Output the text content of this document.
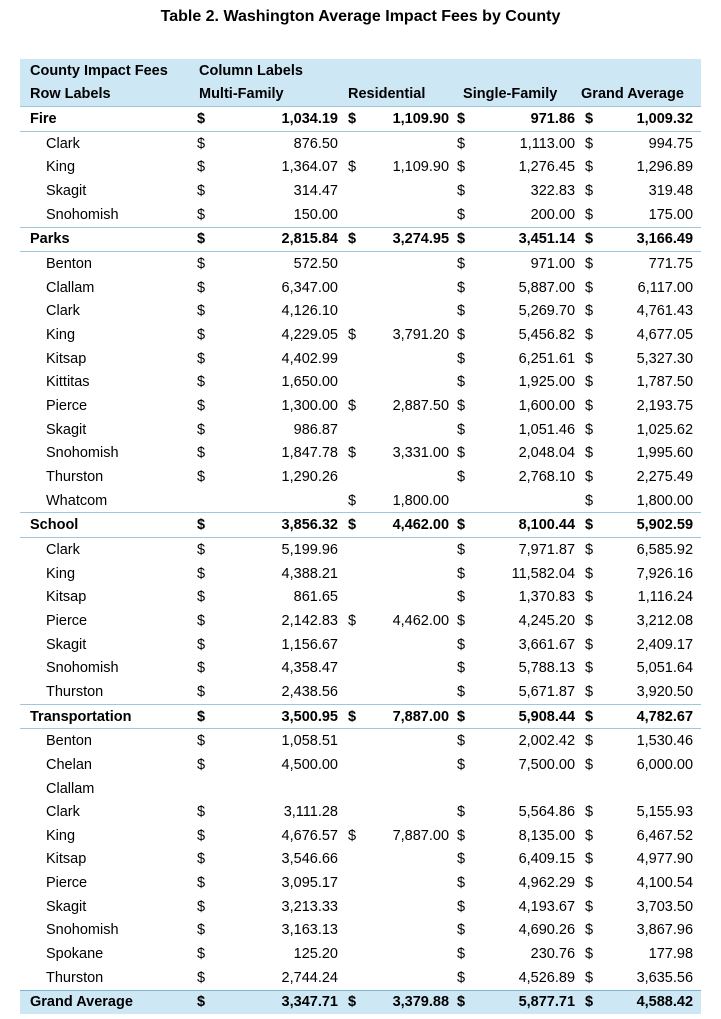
Table 2. Washington Average Impact Fees by County
County Impact Fees	Column Labels							
Row Labels	Multi-Family		Residential		Single-Family		Grand Average	
Fire	$	1,034.19	$	1,109.90	$	971.86	$	1,009.32
Clark	$	876.50			$	1,113.00	$	994.75
King	$	1,364.07	$	1,109.90	$	1,276.45	$	1,296.89
Skagit	$	314.47			$	322.83	$	319.48
Snohomish	$	150.00			$	200.00	$	175.00
Parks	$	2,815.84	$	3,274.95	$	3,451.14	$	3,166.49
Benton	$	572.50			$	971.00	$	771.75
Clallam	$	6,347.00			$	5,887.00	$	6,117.00
Clark	$	4,126.10			$	5,269.70	$	4,761.43
King	$	4,229.05	$	3,791.20	$	5,456.82	$	4,677.05
Kitsap	$	4,402.99			$	6,251.61	$	5,327.30
Kittitas	$	1,650.00			$	1,925.00	$	1,787.50
Pierce	$	1,300.00	$	2,887.50	$	1,600.00	$	2,193.75
Skagit	$	986.87			$	1,051.46	$	1,025.62
Snohomish	$	1,847.78	$	3,331.00	$	2,048.04	$	1,995.60
Thurston	$	1,290.26			$	2,768.10	$	2,275.49
Whatcom			$	1,800.00			$	1,800.00
School	$	3,856.32	$	4,462.00	$	8,100.44	$	5,902.59
Clark	$	5,199.96			$	7,971.87	$	6,585.92
King	$	4,388.21			$	11,582.04	$	7,926.16
Kitsap	$	861.65			$	1,370.83	$	1,116.24
Pierce	$	2,142.83	$	4,462.00	$	4,245.20	$	3,212.08
Skagit	$	1,156.67			$	3,661.67	$	2,409.17
Snohomish	$	4,358.47			$	5,788.13	$	5,051.64
Thurston	$	2,438.56			$	5,671.87	$	3,920.50
Transportation	$	3,500.95	$	7,887.00	$	5,908.44	$	4,782.67
Benton	$	1,058.51			$	2,002.42	$	1,530.46
Chelan	$	4,500.00			$	7,500.00	$	6,000.00
Clallam								
Clark	$	3,111.28			$	5,564.86	$	5,155.93
King	$	4,676.57	$	7,887.00	$	8,135.00	$	6,467.52
Kitsap	$	3,546.66			$	6,409.15	$	4,977.90
Pierce	$	3,095.17			$	4,962.29	$	4,100.54
Skagit	$	3,213.33			$	4,193.67	$	3,703.50
Snohomish	$	3,163.13			$	4,690.26	$	3,867.96
Spokane	$	125.20			$	230.76	$	177.98
Thurston	$	2,744.24			$	4,526.89	$	3,635.56
Grand Average	$	3,347.71	$	3,379.88	$	5,877.71	$	4,588.42
